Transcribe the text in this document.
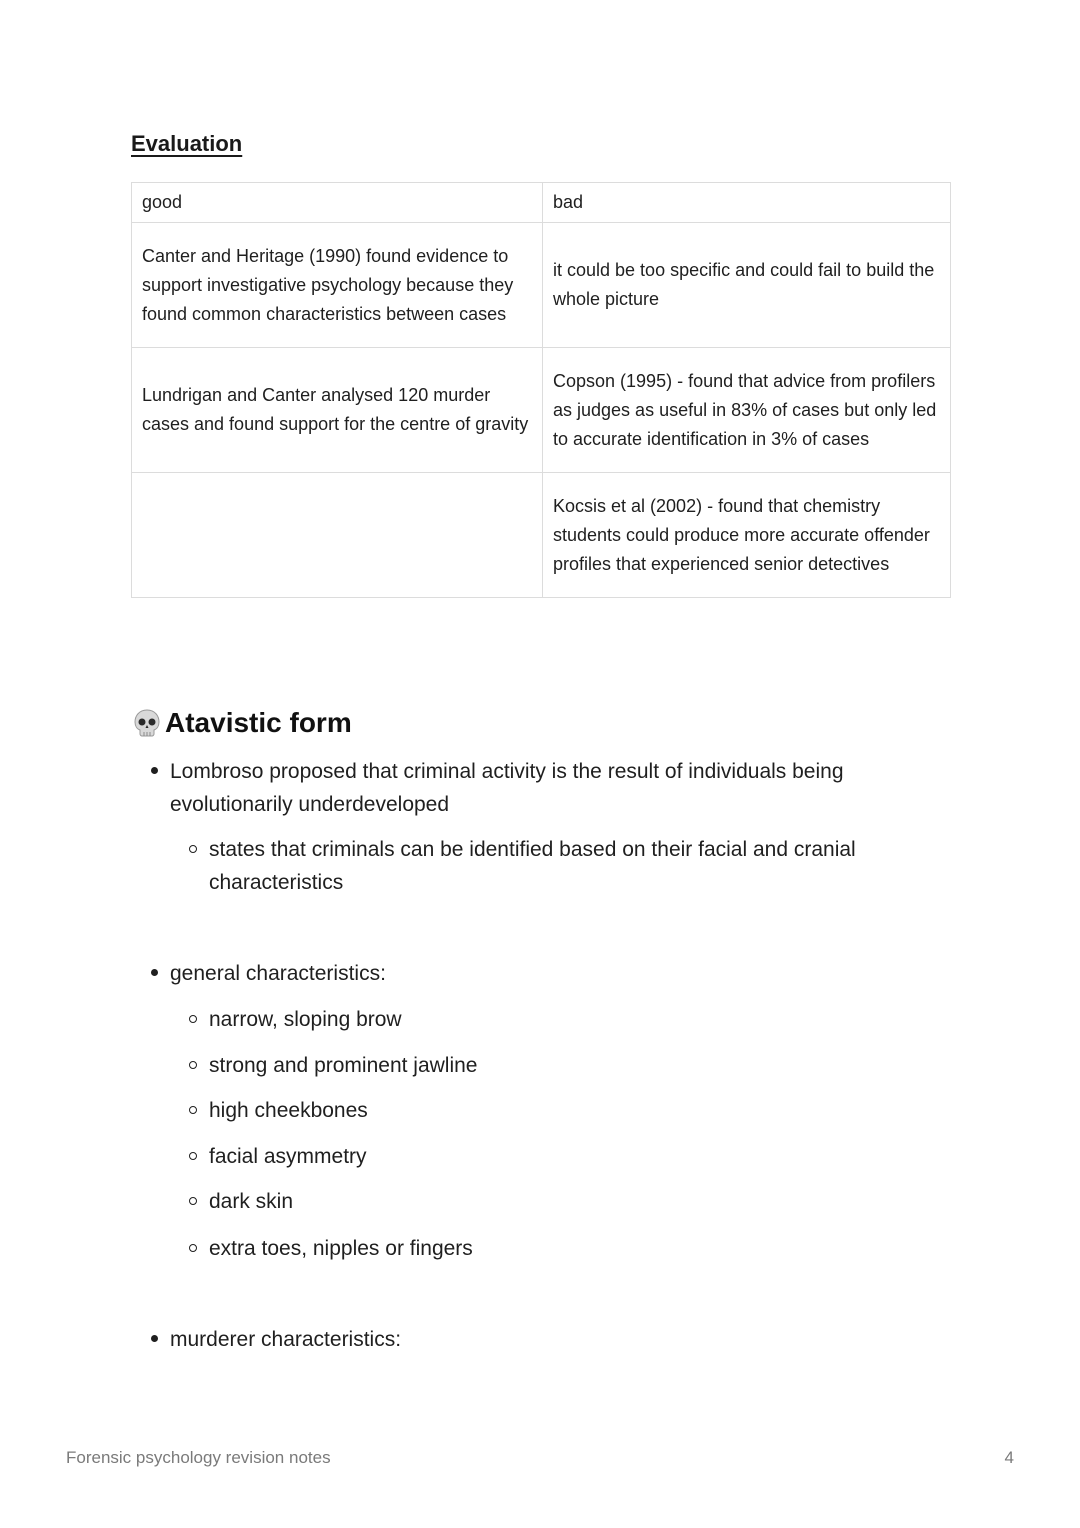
Evaluation
good	bad
Canter and Heritage (1990) found evidence to support investigative psychology because they found common characteristics between cases	it could be too specific and could fail to build the whole picture
Lundrigan and Canter analysed 120 murder cases and found support for the centre of gravity	Copson (1995) - found that advice from profilers as judges as useful in 83% of cases but only led to accurate identification in 3% of cases
	Kocsis et al (2002) - found that chemistry students could produce more accurate offender profiles that experienced senior detectives
Atavistic form
Lombroso proposed that criminal activity is the result of individuals being evolutionarily underdeveloped
states that criminals can be identified based on their facial and cranial characteristics
general characteristics:
narrow, sloping brow
strong and prominent jawline
high cheekbones
facial asymmetry
dark skin
extra toes, nipples or fingers
murderer characteristics:
Forensic psychology revision notes	4
